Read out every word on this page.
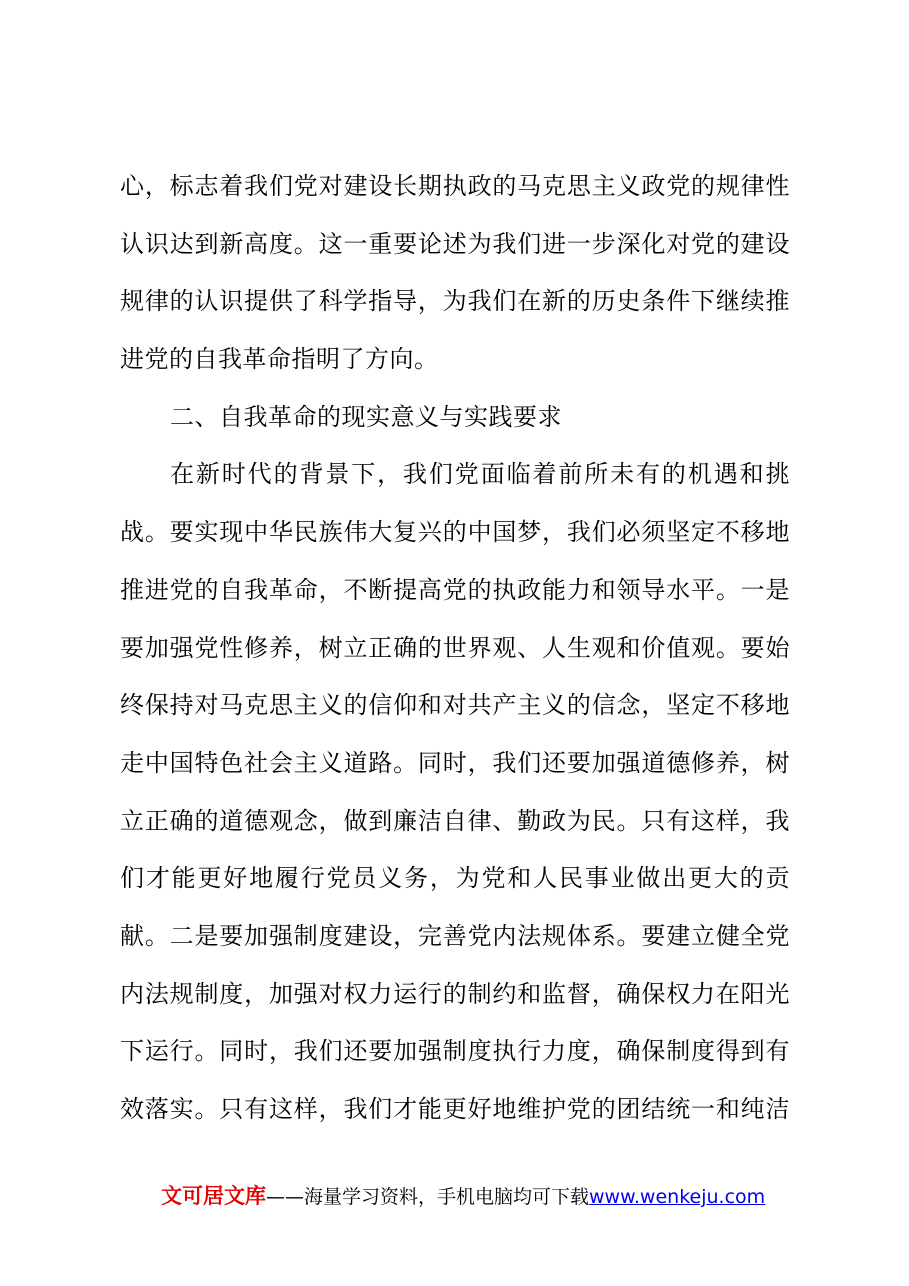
心，标志着我们党对建设长期执政的马克思主义政党的规律性
认识达到新高度。这一重要论述为我们进一步深化对党的建设
规律的认识提供了科学指导，为我们在新的历史条件下继续推
进党的自我革命指明了方向。
二、自我革命的现实意义与实践要求
在新时代的背景下，我们党面临着前所未有的机遇和挑
战。要实现中华民族伟大复兴的中国梦，我们必须坚定不移地
推进党的自我革命，不断提高党的执政能力和领导水平。一是
要加强党性修养，树立正确的世界观、人生观和价值观。要始
终保持对马克思主义的信仰和对共产主义的信念，坚定不移地
走中国特色社会主义道路。同时，我们还要加强道德修养，树
立正确的道德观念，做到廉洁自律、勤政为民。只有这样，我
们才能更好地履行党员义务，为党和人民事业做出更大的贡
献。二是要加强制度建设，完善党内法规体系。要建立健全党
内法规制度，加强对权力运行的制约和监督，确保权力在阳光
下运行。同时，我们还要加强制度执行力度，确保制度得到有
效落实。只有这样，我们才能更好地维护党的团结统一和纯洁
文可居文库——海量学习资料，手机电脑均可下载www.wenkeju.com
